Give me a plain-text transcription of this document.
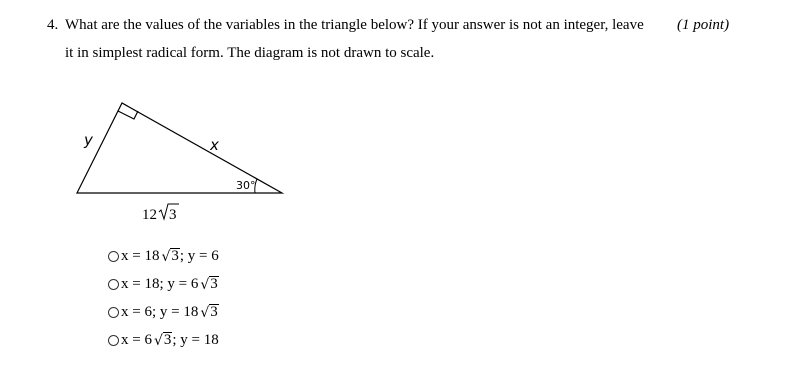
4. What are the values of the variables in the triangle below? If your answer is not an integer, leave (1 point)
it in simplest radical form. The diagram is not drawn to scale.
y	x
30°
12 3
x = 18 √ 3 ; y = 6
x = 18; y = 6 √ 3
x = 6; y = 18 √ 3
x = 6 √ 3 ; y = 18
